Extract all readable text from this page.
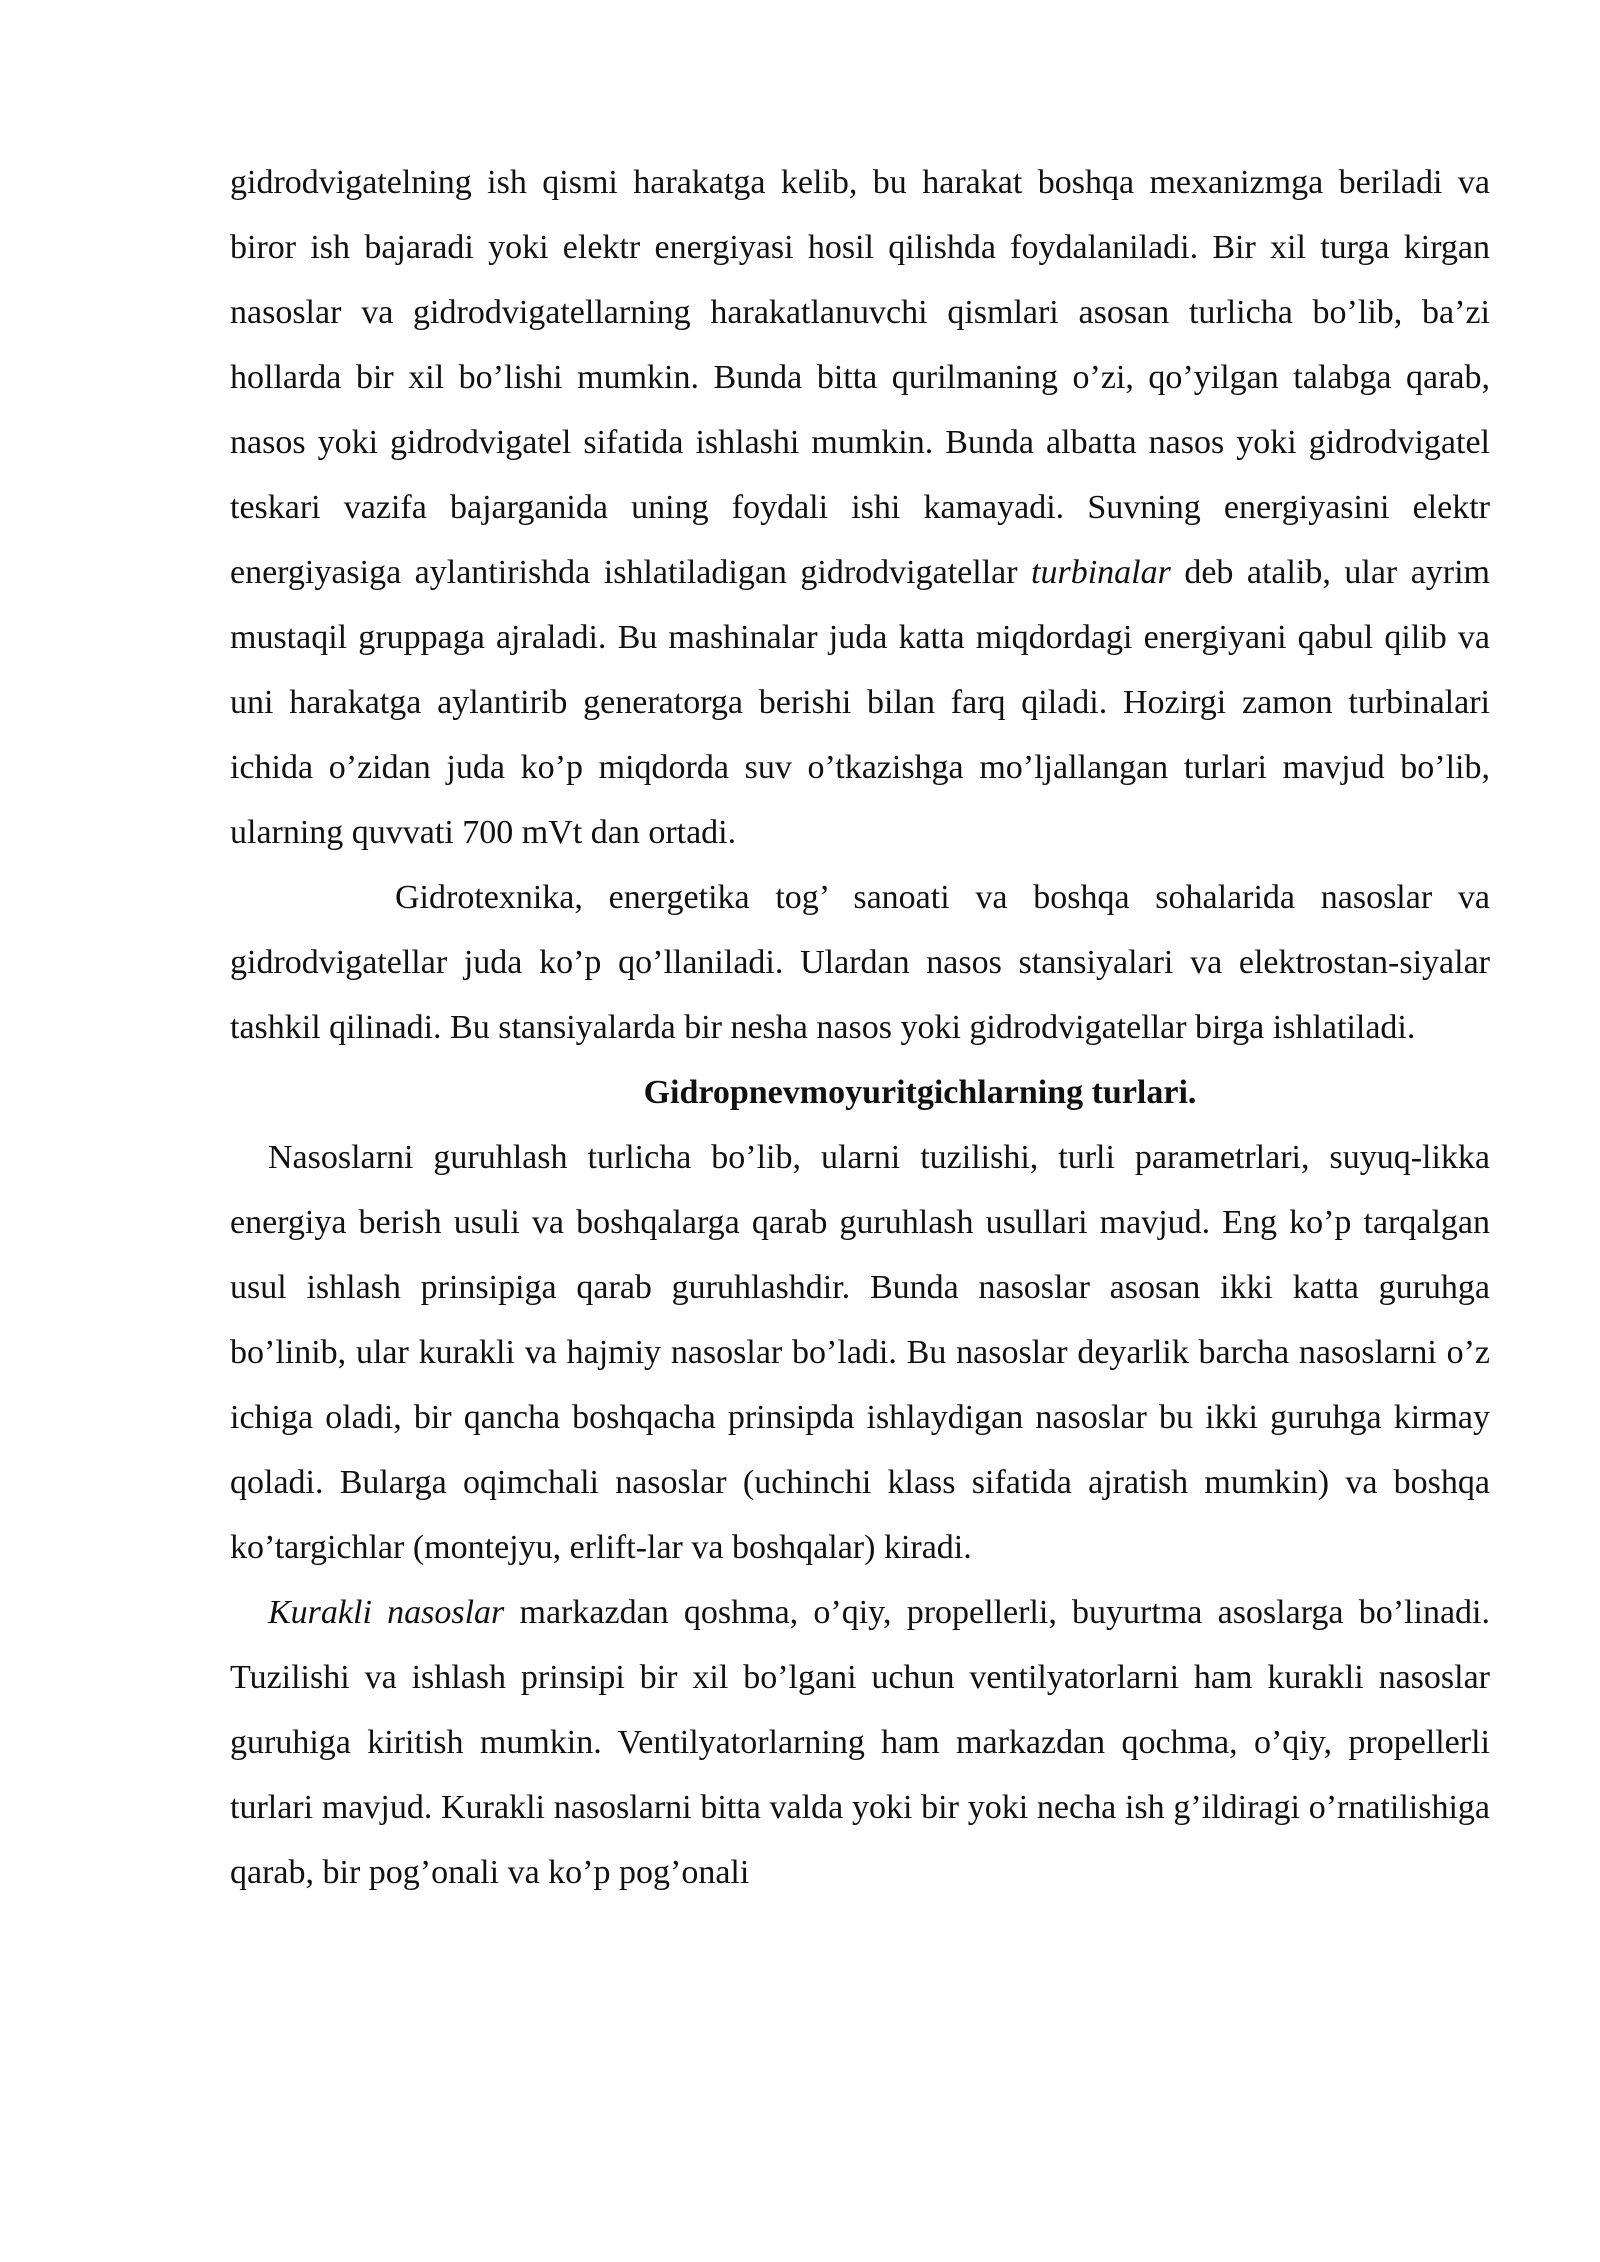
gidrodvigatelning ish qismi harakatga kelib, bu harakat boshqa mexanizmga beriladi va biror ish bajaradi yoki elektr energiyasi hosil qilishda foydalaniladi. Bir xil turga kirgan nasoslar va gidrodvigatellarning harakatlanuvchi qismlari asosan turlicha bo’lib, ba’zi hollarda bir xil bo’lishi mumkin. Bunda bitta qurilmaning o’zi, qo’yilgan talabga qarab, nasos yoki gidrodvigatel sifatida ishlashi mumkin. Bunda albatta nasos yoki gidrodvigatel teskari vazifa bajarganida uning foydali ishi kamayadi. Suvning energiyasini elektr energiyasiga aylantirishda ishlatiladigan gidrodvigatellar turbinalar deb atalib, ular ayrim mustaqil gruppaga ajraladi. Bu mashinalar juda katta miqdordagi energiyani qabul qilib va uni harakatga aylantirib generatorga berishi bilan farq qiladi. Hozirgi zamon turbinalari ichida o’zidan juda ko’p miqdorda suv o’tkazishga mo’ljallangan turlari mavjud bo’lib, ularning quvvati 700 mVt dan ortadi.

Gidrotexnika, energetika tog’ sanoati va boshqa sohalarida nasoslar va gidrodvigatellar juda ko’p qo’llaniladi. Ulardan nasos stansiyalari va elektrostan-siyalar tashkil qilinadi. Bu stansiyalarda bir nesha nasos yoki gidrodvigatellar birga ishlatiladi.

Gidropnevmoyuritgichlarning turlari.

Nasoslarni guruhlash turlicha bo’lib, ularni tuzilishi, turli parametrlari, suyuq-likka energiya berish usuli va boshqalarga qarab guruhlash usullari mavjud. Eng ko’p tarqalgan usul ishlash prinsipiga qarab guruhlashdir. Bunda nasoslar asosan ikki katta guruhga bo’linib, ular kurakli va hajmiy nasoslar bo’ladi. Bu nasoslar deyarlik barcha nasoslarni o’z ichiga oladi, bir qancha boshqacha prinsipda ishlaydigan nasoslar bu ikki guruhga kirmay qoladi. Bularga oqimchali nasoslar (uchinchi klass sifatida ajratish mumkin) va boshqa ko’targichlar (montejyu, erlift-lar va boshqalar) kiradi.

Kurakli nasoslar markazdan qoshma, o’qiy, propellerli, buyurtma asoslarga bo’linadi. Tuzilishi va ishlash prinsipi bir xil bo’lgani uchun ventilyatorlarni ham kurakli nasoslar guruhiga kiritish mumkin. Ventilyatorlarning ham markazdan qochma, o’qiy, propellerli turlari mavjud. Kurakli nasoslarni bitta valda yoki bir yoki necha ish g’ildiragi o’rnatilishiga qarab, bir pog’onali va ko’p pog’onali
